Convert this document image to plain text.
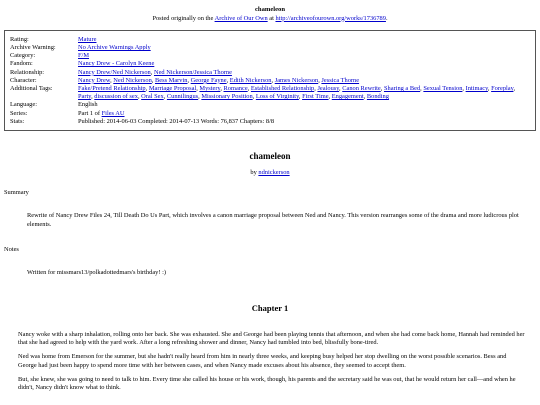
chameleon
Posted originally on the Archive of Our Own at http://archiveofourown.org/works/1736789.
Rating:	Mature
Archive Warning:	No Archive Warnings Apply
Category:	F/M
Fandom:	Nancy Drew - Carolyn Keene
Relationship:	Nancy Drew/Ned Nickerson, Ned Nickerson/Jessica Thorne
Character:	Nancy Drew, Ned Nickerson, Bess Marvin, George Fayne, Edith Nickerson, James Nickerson, Jessica Thorne
Additional Tags:	Fake/Pretend Relationship, Marriage Proposal, Mystery, Romance, Established Relationship, Jealousy, Canon Rewrite, Sharing a Bed, Sexual Tension, Intimacy, Foreplay, Party, discussion of sex, Oral Sex, Cunnilingus, Missionary Position, Loss of Virginity, First Time, Engagement, Bonding
Language:	English
Series:	Part 1 of Files AU
Stats:	Published: 2014-06-03 Completed: 2014-07-13 Words: 76,837 Chapters: 8/8
chameleon
by ndnickerson
Summary
Rewrite of Nancy Drew Files 24, Till Death Do Us Part, which involves a canon marriage proposal between Ned and Nancy. This version rearranges some of the drama and more ludicrous plot elements.
Notes
Written for missmars13/polkadottedmars's birthday! :)
Chapter 1
Nancy woke with a sharp inhalation, rolling onto her back. She was exhausted. She and George had been playing tennis that afternoon, and when she had come back home, Hannah had reminded her that she had agreed to help with the yard work. After a long refreshing shower and dinner, Nancy had tumbled into bed, blissfully bone-tired.
Ned was home from Emerson for the summer, but she hadn't really heard from him in nearly three weeks, and keeping busy helped her stop dwelling on the worst possible scenarios. Bess and George had just been happy to spend more time with her between cases, and when Nancy made excuses about his absence, they seemed to accept them.
But, she knew, she was going to need to talk to him. Every time she called his house or his work, though, his parents and the secretary said he was out, that he would return her call—and when he didn't, Nancy didn't know what to think.
